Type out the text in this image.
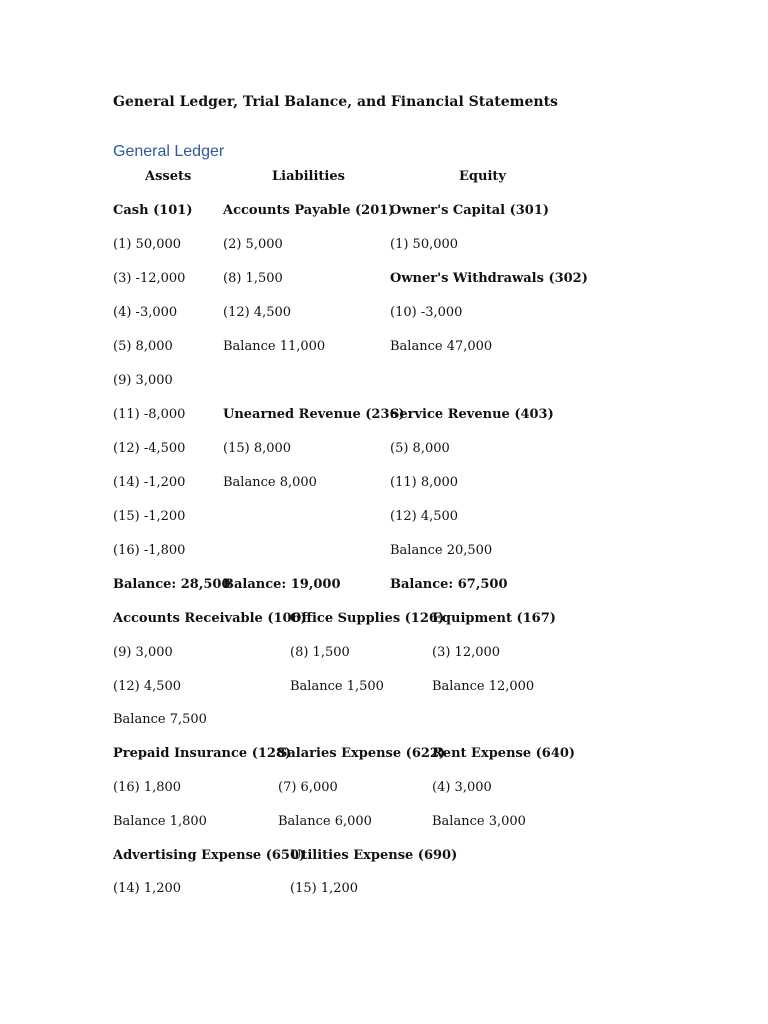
General Ledger, Trial Balance, and Financial Statements
General Ledger
Assets	Liabilities	Equity
Cash (101)
(1) 50,000
(3) -12,000
(4) -3,000
(5) 8,000
(9) 3,000
(11) -8,000
(12) -4,500
(14) -1,200
(15) -1,200
(16) -1,800
Balance: 28,500
Accounts Payable (201)
(2) 5,000
(8) 1,500
(12) 4,500
Balance 11,000
Unearned Revenue (236)
(15) 8,000
Balance 8,000
Balance: 19,000
Owner's Capital (301)
(1) 50,000
Owner's Withdrawals (302)
(10) -3,000
Balance 47,000
Service Revenue (403)
(5) 8,000
(11) 8,000
(12) 4,500
Balance 20,500
Balance: 67,500
Accounts Receivable (106)
(9) 3,000
(12) 4,500
Balance 7,500
Office Supplies (126)
(8) 1,500
Balance 1,500
Equipment (167)
(3) 12,000
Balance 12,000
Prepaid Insurance (128)
(16) 1,800
Balance 1,800
Salaries Expense (622)
(7) 6,000
Balance 6,000
Rent Expense (640)
(4) 3,000
Balance 3,000
Advertising Expense (650)
(14) 1,200
Utilities Expense (690)
(15) 1,200
